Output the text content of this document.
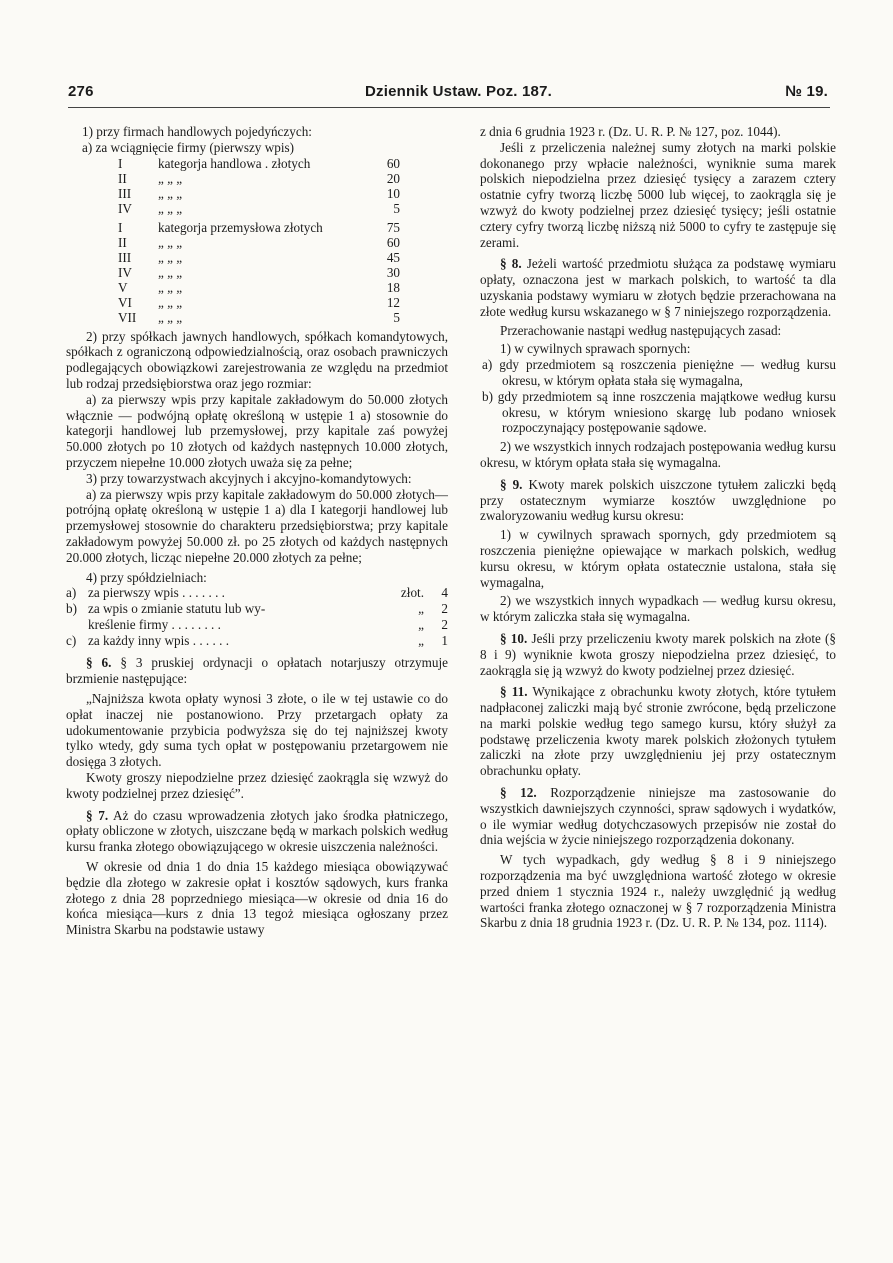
276	Dziennik Ustaw. Poz. 187.	№ 19.

1) przy firmach handlowych pojedyńczych:

a) za wciągnięcie firmy (pierwszy wpis)

I	kategorja handlowa . złotych	60
II	„ „ „	20
III	„ „ „	10
IV	„ „ „	5
I	kategorja przemysłowa złotych	75
II	„ „ „	60
III	„ „ „	45
IV	„ „ „	30
V	„ „ „	18
VI	„ „ „	12
VII	„ „ „	5

2) przy spółkach jawnych handlowych, spółkach komandytowych, spółkach z ograniczoną odpowiedzialnością, oraz osobach prawniczych podlegających obowiązkowi zarejestrowania ze względu na przedmiot lub rodzaj przedsiębiorstwa oraz jego rozmiar:

a) za pierwszy wpis przy kapitale zakładowym do 50.000 złotych włącznie — podwójną opłatę określoną w ustępie 1 a) stosownie do kategorji handlowej lub przemysłowej, przy kapitale zaś powyżej 50.000 złotych po 10 złotych od każdych następnych 10.000 złotych, przyczem niepełne 10.000 złotych uważa się za pełne;

3) przy towarzystwach akcyjnych i akcyjno-komandytowych:

a) za pierwszy wpis przy kapitale zakładowym do 50.000 złotych—potrójną opłatę określoną w ustępie 1 a) dla I kategorji handlowej lub przemysłowej stosownie do charakteru przedsiębiorstwa; przy kapitale zakładowym powyżej 50.000 zł. po 25 złotych od każdych następnych 20.000 złotych, licząc niepełne 20.000 złotych za pełne;

4) przy spółdzielniach:

a) za pierwszy wpis . . . . . . .	złot.	4
b) za wpis o zmianie statutu lub wy-	„	2
kreślenie firmy . . . . . . . .	„	2
c) za każdy inny wpis . . . . . .	„	1

§ 6. § 3 pruskiej ordynacji o opłatach notarjuszy otrzymuje brzmienie następujące:

„Najniższa kwota opłaty wynosi 3 złote, o ile w tej ustawie co do opłat inaczej nie postanowiono. Przy przetargach opłaty za udokumentowanie przybicia podwyższa się do tej najniższej kwoty tylko wtedy, gdy suma tych opłat w postępowaniu przetargowem nie dosięga 3 złotych.

Kwoty groszy niepodzielne przez dziesięć zaokrągla się wzwyż do kwoty podzielnej przez dziesięć”.

§ 7. Aż do czasu wprowadzenia złotych jako środka płatniczego, opłaty obliczone w złotych, uiszczane będą w markach polskich według kursu franka złotego obowiązującego w okresie uiszczenia należności.

W okresie od dnia 1 do dnia 15 każdego miesiąca obowiązywać będzie dla złotego w zakresie opłat i kosztów sądowych, kurs franka złotego z dnia 28 poprzedniego miesiąca—w okresie od dnia 16 do końca miesiąca—kurs z dnia 13 tegoż miesiąca ogłoszany przez Ministra Skarbu na podstawie ustawy

z dnia 6 grudnia 1923 r. (Dz. U. R. P. № 127, poz. 1044).

Jeśli z przeliczenia należnej sumy złotych na marki polskie dokonanego przy wpłacie należności, wyniknie suma marek polskich niepodzielna przez dziesięć tysięcy a zarazem cztery ostatnie cyfry tworzą liczbę 5000 lub więcej, to zaokrągla się je wzwyż do kwoty podzielnej przez dziesięć tysięcy; jeśli ostatnie cztery cyfry tworzą liczbę niższą niż 5000 to cyfry te zastępuje się zerami.

§ 8. Jeżeli wartość przedmiotu służąca za podstawę wymiaru opłaty, oznaczona jest w markach polskich, to wartość ta dla uzyskania podstawy wymiaru w złotych będzie przerachowana na złote według kursu wskazanego w § 7 niniejszego rozporządzenia.

Przerachowanie nastąpi według następujących zasad:

1) w cywilnych sprawach spornych:

a) gdy przedmiotem są roszczenia pieniężne — według kursu okresu, w którym opłata stała się wymagalna,

b) gdy przedmiotem są inne roszczenia majątkowe według kursu okresu, w którym wniesiono skargę lub podano wniosek rozpoczynający postępowanie sądowe.

2) we wszystkich innych rodzajach postępowania według kursu okresu, w którym opłata stała się wymagalna.

§ 9. Kwoty marek polskich uiszczone tytułem zaliczki będą przy ostatecznym wymiarze kosztów uwzględnione po zwaloryzowaniu według kursu okresu:

1) w cywilnych sprawach spornych, gdy przedmiotem są roszczenia pieniężne opiewające w markach polskich, według kursu okresu, w którym opłata ostatecznie ustalona, stała się wymagalna,

2) we wszystkich innych wypadkach — według kursu okresu, w którym zaliczka stała się wymagalna.

§ 10. Jeśli przy przeliczeniu kwoty marek polskich na złote (§ 8 i 9) wyniknie kwota groszy niepodzielna przez dziesięć, to zaokrągla się ją wzwyż do kwoty podzielnej przez dziesięć.

§ 11. Wynikające z obrachunku kwoty złotych, które tytułem nadpłaconej zaliczki mają być stronie zwrócone, będą przeliczone na marki polskie według tego samego kursu, który służył za podstawę przeliczenia kwoty marek polskich złożonych tytułem zaliczki na złote przy uwzględnieniu jej przy ostatecznym obrachunku opłaty.

§ 12. Rozporządzenie niniejsze ma zastosowanie do wszystkich dawniejszych czynności, spraw sądowych i wydatków, o ile wymiar według dotychczasowych przepisów nie został do dnia wejścia w życie niniejszego rozporządzenia dokonany.

W tych wypadkach, gdy według § 8 i 9 niniejszego rozporządzenia ma być uwzględniona wartość złotego w okresie przed dniem 1 stycznia 1924 r., należy uwzględnić ją według wartości franka złotego oznaczonej w § 7 rozporządzenia Ministra Skarbu z dnia 18 grudnia 1923 r. (Dz. U. R. P. № 134, poz. 1114).
